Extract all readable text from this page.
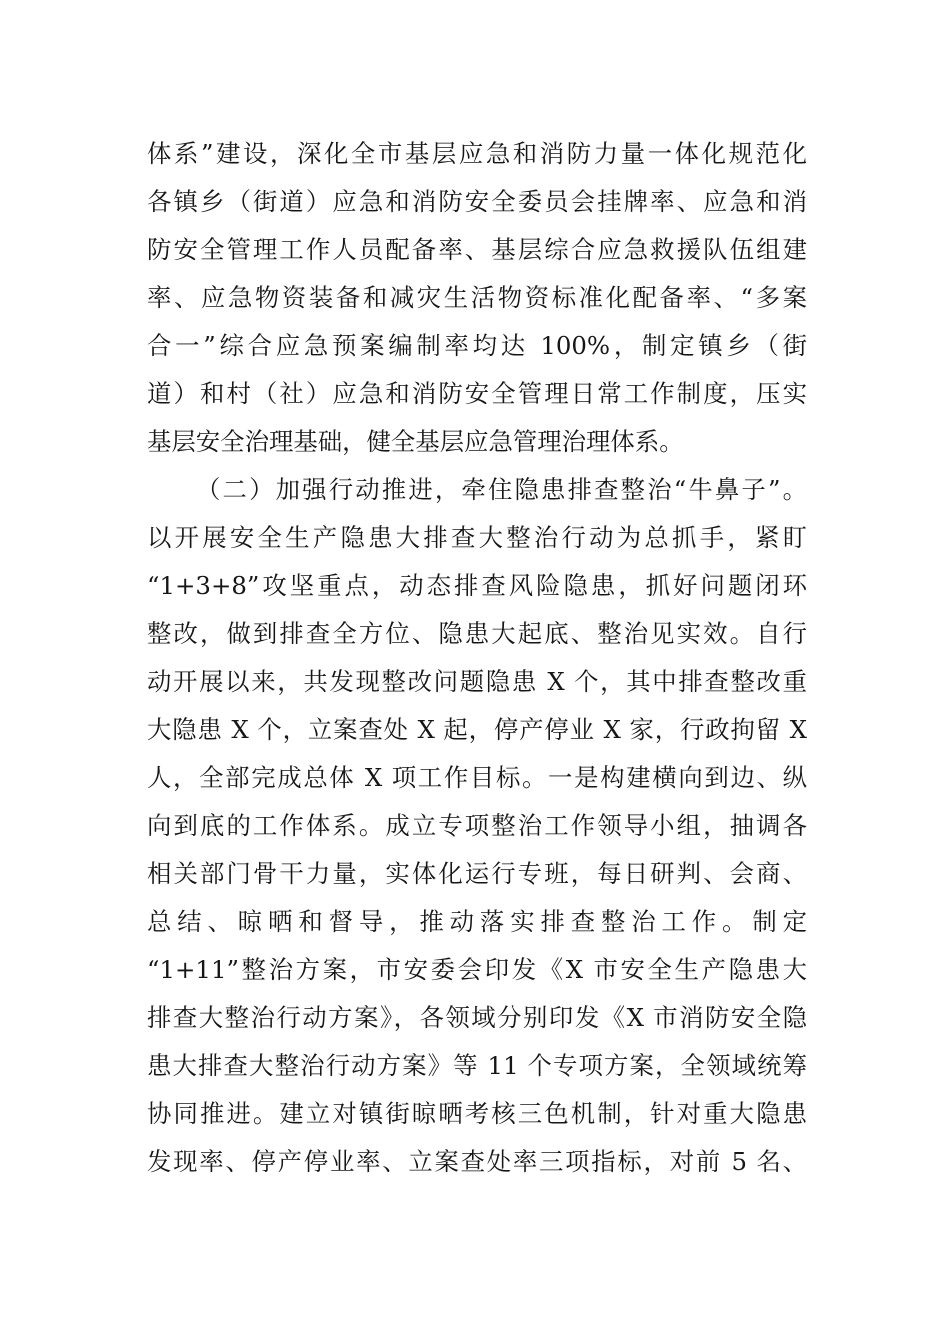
体系”建设，深化全市基层应急和消防力量一体化规范化
各镇乡（街道）应急和消防安全委员会挂牌率、应急和消
防安全管理工作人员配备率、基层综合应急救援队伍组建
率、应急物资装备和减灾生活物资标准化配备率、“多案
合一”综合应急预案编制率均达 100%，制定镇乡（街
道）和村（社）应急和消防安全管理日常工作制度，压实
基层安全治理基础，健全基层应急管理治理体系。
（二）加强行动推进，牵住隐患排查整治“牛鼻子”。
以开展安全生产隐患大排查大整治行动为总抓手，紧盯
“1+3+8”攻坚重点，动态排查风险隐患，抓好问题闭环
整改，做到排查全方位、隐患大起底、整治见实效。自行
动开展以来，共发现整改问题隐患 X 个，其中排查整改重
大隐患 X 个，立案查处 X 起，停产停业 X 家，行政拘留 X
人，全部完成总体 X 项工作目标。一是构建横向到边、纵
向到底的工作体系。成立专项整治工作领导小组，抽调各
相关部门骨干力量，实体化运行专班，每日研判、会商、
总结、晾晒和督导，推动落实排查整治工作。制定
“1+11”整治方案，市安委会印发《X 市安全生产隐患大
排查大整治行动方案》，各领域分别印发《X 市消防安全隐
患大排查大整治行动方案》等 11 个专项方案，全领域统筹
协同推进。建立对镇街晾晒考核三色机制，针对重大隐患
发现率、停产停业率、立案查处率三项指标，对前 5 名、
